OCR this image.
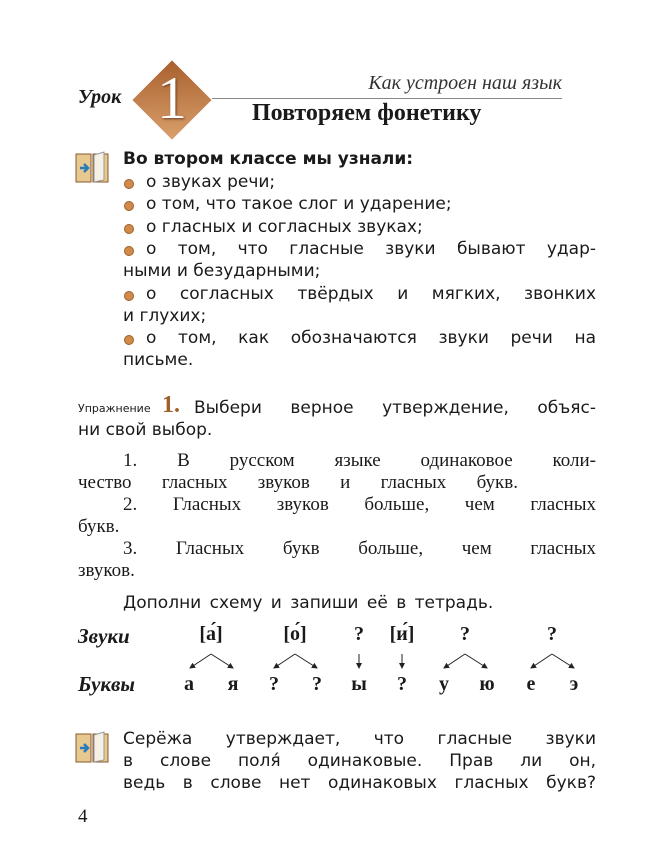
Урок 1	Как устроен наш язык
Повторяем фонетику
Во втором классе мы узнали:
о звуках речи;
о том, что такое слог и ударение;
о гласных и согласных звуках;
о том, что гласные звуки бывают удар-
ными и безударными;
о согласных твёрдых и мягких, звонких
и глухих;
о том, как обозначаются звуки речи на
письме.
Упражнение 1. Выбери верное утверждение, объяс-
ни свой выбор.
1. В русском языке одинаковое коли-
чество гласных звуков и гласных букв.
2. Гласных звуков больше, чем гласных
букв.
3. Гласных букв больше, чем гласных
звуков.
Дополни схему и запиши её в тетрадь.
Звуки
Буквы
[а́]	[о́]	?	[и́]	?	?
а	я	?	?	ы	?	у	ю	е	э
Серёжа утверждает, что гласные звуки
в слове поля́ одинаковые. Прав ли он,
ведь в слове нет одинаковых гласных букв?
4
